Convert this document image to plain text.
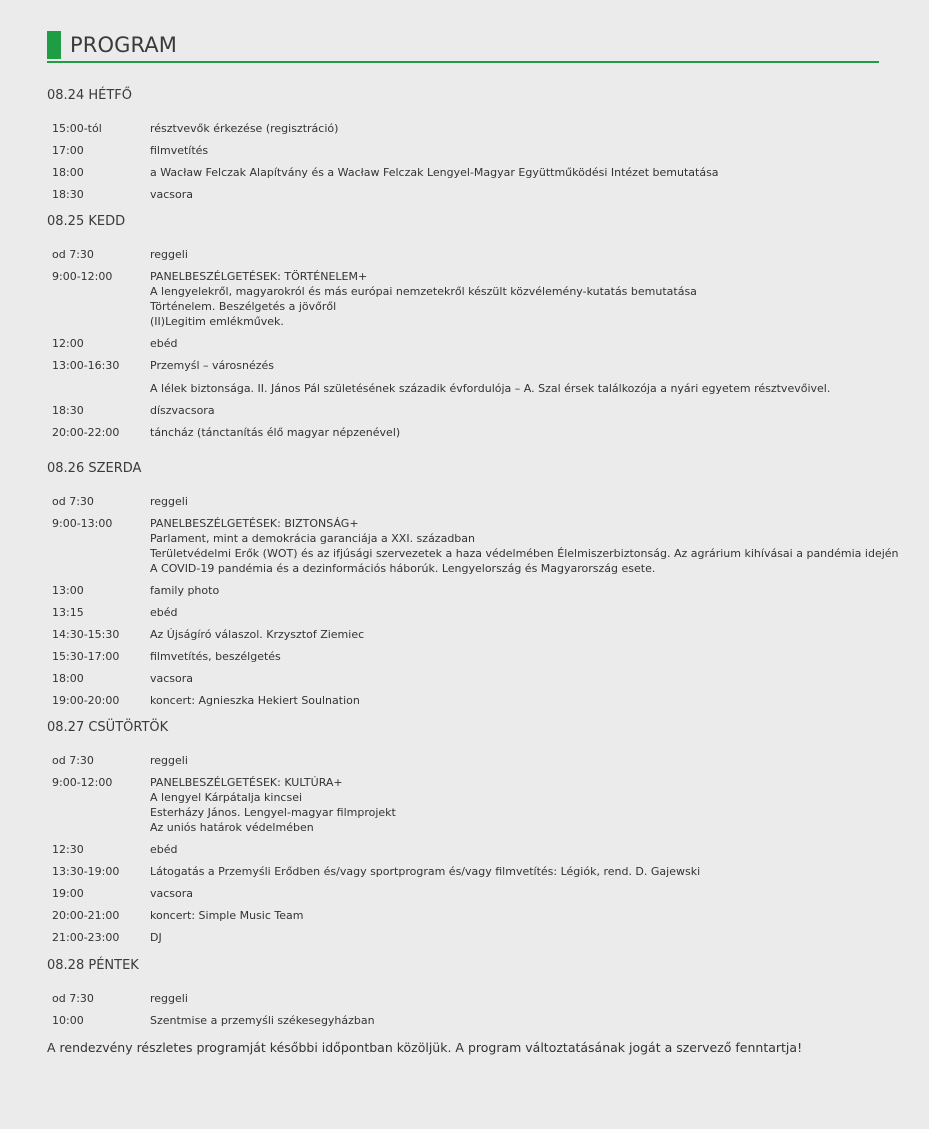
PROGRAM
08.24 HÉTFŐ
15:00-tól	résztvevők érkezése (regisztráció)
17:00	filmvetítés
18:00	a Wacław Felczak Alapítvány és a Wacław Felczak Lengyel-Magyar Együttműködési Intézet bemutatása
18:30	vacsora
08.25 KEDD
od 7:30	reggeli
9:00-12:00	PANELBESZÉLGETÉSEK: TÖRTÉNELEM+
A lengyelekről, magyarokról és más európai nemzetekről készült közvélemény-kutatás bemutatása
Történelem. Beszélgetés a jövőről
(II)Legitim emlékművek.
12:00	ebéd
13:00-16:30	Przemyśl – városnézés
A lélek biztonsága. II. János Pál születésének századik évfordulója – A. Szal érsek találkozója a nyári egyetem résztvevőivel.
18:30	díszvacsora
20:00-22:00	táncház (tánctanítás élő magyar népzenével)
08.26 SZERDA
od 7:30	reggeli
9:00-13:00	PANELBESZÉLGETÉSEK: BIZTONSÁG+
Parlament, mint a demokrácia garanciája a XXI. században
Területvédelmi Erők (WOT) és az ifjúsági szervezetek a haza védelmében Élelmiszerbiztonság. Az agrárium kihívásai a pandémia idején
A COVID-19 pandémia és a dezinformációs háborúk. Lengyelország és Magyarország esete.
13:00	family photo
13:15	ebéd
14:30-15:30	Az Újságíró válaszol. Krzysztof Ziemiec
15:30-17:00	filmvetítés, beszélgetés
18:00	vacsora
19:00-20:00	koncert: Agnieszka Hekiert Soulnation
08.27 CSÜTÖRTÖK
od 7:30	reggeli
9:00-12:00	PANELBESZÉLGETÉSEK: KULTÚRA+
A lengyel Kárpátalja kincsei
Esterházy János. Lengyel-magyar filmprojekt
Az uniós határok védelmében
12:30	ebéd
13:30-19:00	Látogatás a Przemyśli Erődben és/vagy sportprogram és/vagy filmvetítés: Légiók, rend. D. Gajewski
19:00	vacsora
20:00-21:00	koncert: Simple Music Team
21:00-23:00	DJ
08.28 PÉNTEK
od 7:30	reggeli
10:00	Szentmise a przemyśli székesegyházban
A rendezvény részletes programját későbbi időpontban közöljük. A program változtatásának jogát a szervező fenntartja!
